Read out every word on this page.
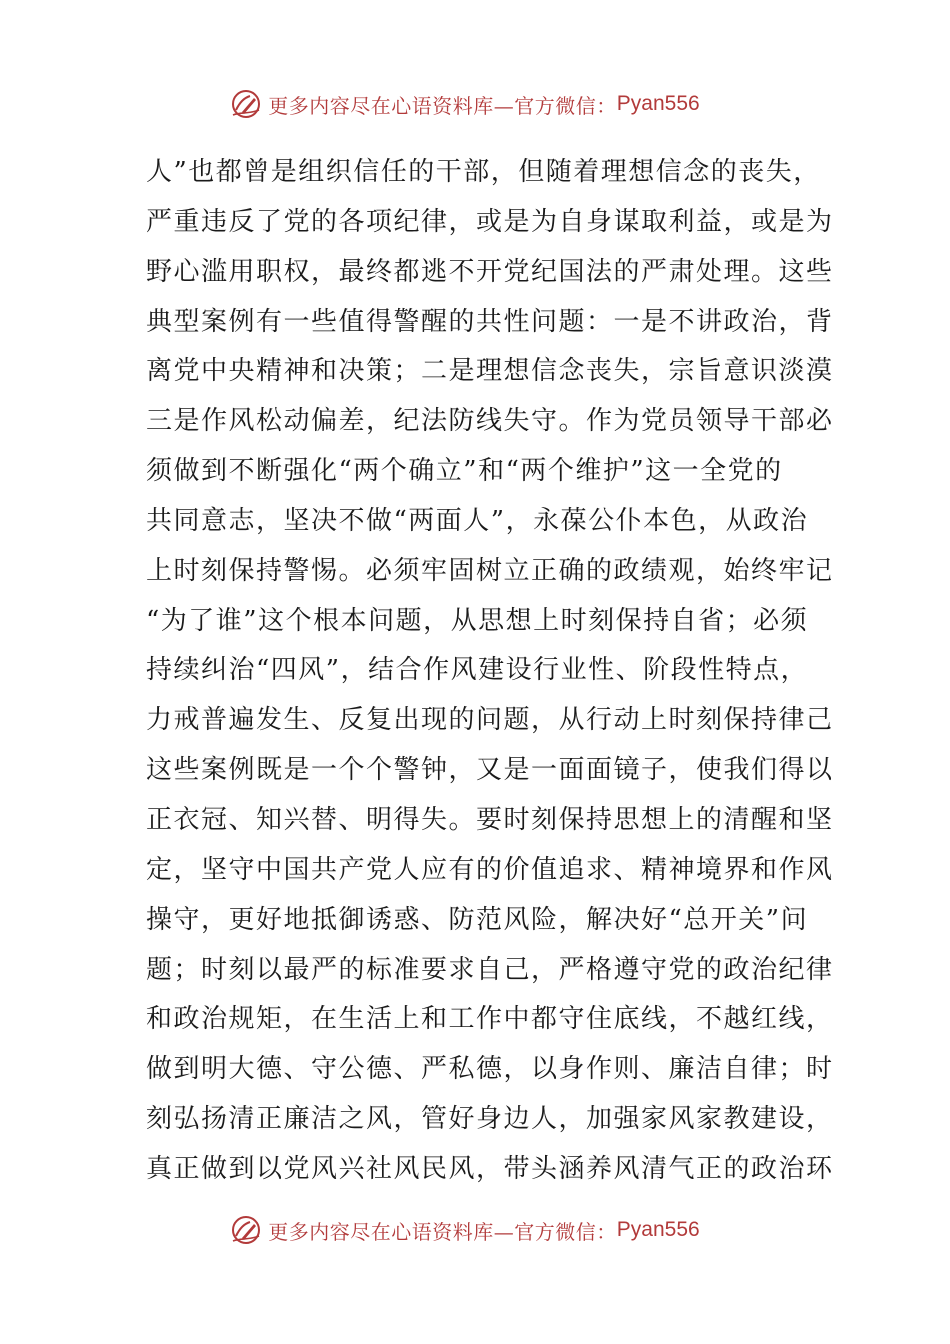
更多内容尽在心语资料库—官方微信： Pyan556
人”也都曾是组织信任的干部，但随着理想信念的丧失，
严重违反了党的各项纪律，或是为自身谋取利益，或是为
野心滥用职权，最终都逃不开党纪国法的严肃处理。这些
典型案例有一些值得警醒的共性问题：一是不讲政治，背
离党中央精神和决策；二是理想信念丧失，宗旨意识淡漠
三是作风松动偏差，纪法防线失守。作为党员领导干部必
须做到不断强化“两个确立”和“两个维护”这一全党的
共同意志，坚决不做“两面人”，永葆公仆本色，从政治
上时刻保持警惕。必须牢固树立正确的政绩观，始终牢记
“为了谁”这个根本问题，从思想上时刻保持自省；必须
持续纠治“四风”，结合作风建设行业性、阶段性特点，
力戒普遍发生、反复出现的问题，从行动上时刻保持律己
这些案例既是一个个警钟，又是一面面镜子，使我们得以
正衣冠、知兴替、明得失。要时刻保持思想上的清醒和坚
定，坚守中国共产党人应有的价值追求、精神境界和作风
操守，更好地抵御诱惑、防范风险，解决好“总开关”问
题；时刻以最严的标准要求自己，严格遵守党的政治纪律
和政治规矩，在生活上和工作中都守住底线，不越红线，
做到明大德、守公德、严私德，以身作则、廉洁自律；时
刻弘扬清正廉洁之风，管好身边人，加强家风家教建设，
真正做到以党风兴社风民风，带头涵养风清气正的政治环
更多内容尽在心语资料库—官方微信： Pyan556
